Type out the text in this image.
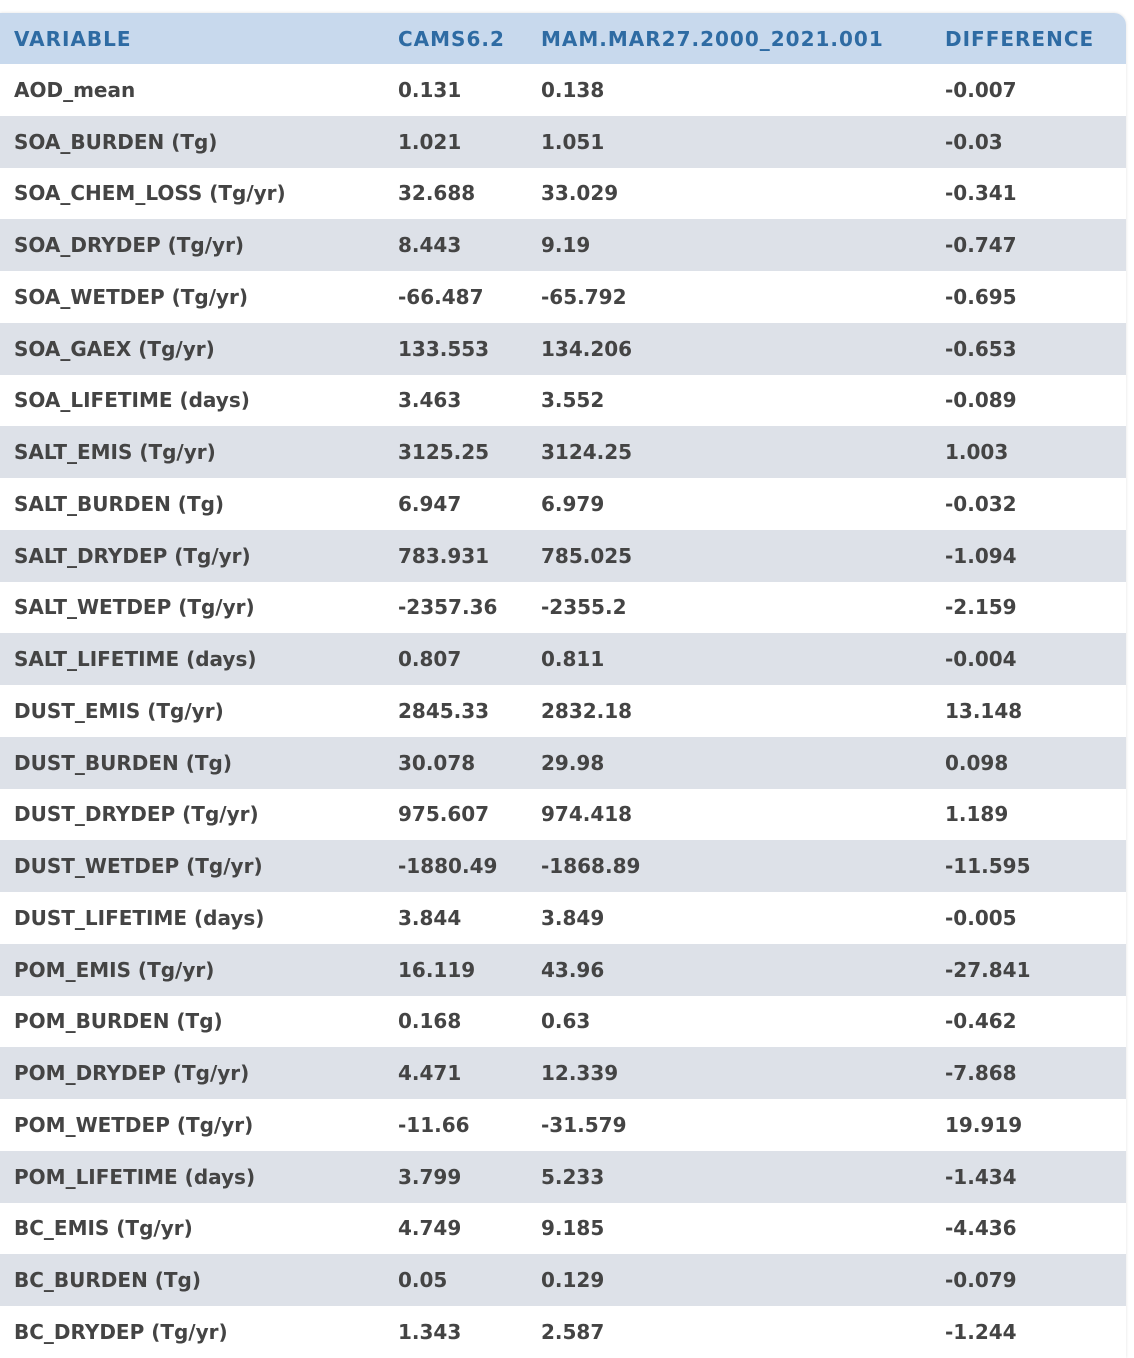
VARIABLE	CAMS6.2	MAM.MAR27.2000_2021.001	DIFFERENCE
AOD_mean	0.131	0.138	-0.007
SOA_BURDEN (Tg)	1.021	1.051	-0.03
SOA_CHEM_LOSS (Tg/yr)	32.688	33.029	-0.341
SOA_DRYDEP (Tg/yr)	8.443	9.19	-0.747
SOA_WETDEP (Tg/yr)	-66.487	-65.792	-0.695
SOA_GAEX (Tg/yr)	133.553	134.206	-0.653
SOA_LIFETIME (days)	3.463	3.552	-0.089
SALT_EMIS (Tg/yr)	3125.25	3124.25	1.003
SALT_BURDEN (Tg)	6.947	6.979	-0.032
SALT_DRYDEP (Tg/yr)	783.931	785.025	-1.094
SALT_WETDEP (Tg/yr)	-2357.36	-2355.2	-2.159
SALT_LIFETIME (days)	0.807	0.811	-0.004
DUST_EMIS (Tg/yr)	2845.33	2832.18	13.148
DUST_BURDEN (Tg)	30.078	29.98	0.098
DUST_DRYDEP (Tg/yr)	975.607	974.418	1.189
DUST_WETDEP (Tg/yr)	-1880.49	-1868.89	-11.595
DUST_LIFETIME (days)	3.844	3.849	-0.005
POM_EMIS (Tg/yr)	16.119	43.96	-27.841
POM_BURDEN (Tg)	0.168	0.63	-0.462
POM_DRYDEP (Tg/yr)	4.471	12.339	-7.868
POM_WETDEP (Tg/yr)	-11.66	-31.579	19.919
POM_LIFETIME (days)	3.799	5.233	-1.434
BC_EMIS (Tg/yr)	4.749	9.185	-4.436
BC_BURDEN (Tg)	0.05	0.129	-0.079
BC_DRYDEP (Tg/yr)	1.343	2.587	-1.244
